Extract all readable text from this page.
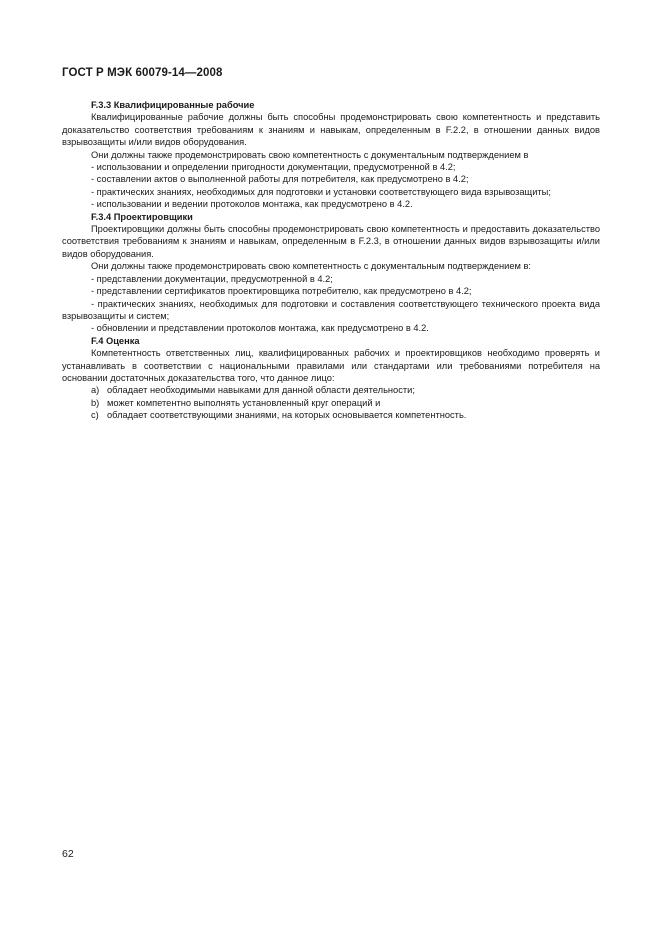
ГОСТ Р МЭК 60079-14—2008

F.3.3 Квалифицированные рабочие

Квалифицированные рабочие должны быть способны продемонстрировать свою компетентность и представить доказательство соответствия требованиям к знаниям и навыкам, определенным в F.2.2, в отношении данных видов взрывозащиты и/или видов оборудования.

Они должны также продемонстрировать свою компетентность с документальным подтверждением в

- использовании и определении пригодности документации, предусмотренной в 4.2;

- составлении актов о выполненной работы для потребителя, как предусмотрено в 4.2;

- практических знаниях, необходимых для подготовки и установки соответствующего вида взрывозащиты;

- использовании и ведении протоколов монтажа, как предусмотрено в 4.2.

F.3.4 Проектировщики

Проектировщики должны быть способны продемонстрировать свою компетентность и предоставить доказательство соответствия требованиям к знаниям и навыкам, определенным в F.2.3, в отношении данных видов взрывозащиты и/или видов оборудования.

Они должны также продемонстрировать свою компетентность с документальным подтверждением в:

- представлении документации, предусмотренной в 4.2;

- представлении сертификатов проектировщика потребителю, как предусмотрено в 4.2;

- практических знаниях, необходимых для подготовки и составления соответствующего технического проекта вида взрывозащиты и систем;

- обновлении и представлении протоколов монтажа, как предусмотрено в 4.2.

F.4 Оценка

Компетентность ответственных лиц, квалифицированных рабочих и проектировщиков необходимо проверять и устанавливать в соответствии с национальными правилами или стандартами или требованиями потребителя на основании достаточных доказательства того, что данное лицо:

a) обладает необходимыми навыками для данной области деятельности;

b) может компетентно выполнять установленный круг операций и

c) обладает соответствующими знаниями, на которых основывается компетентность.

62
